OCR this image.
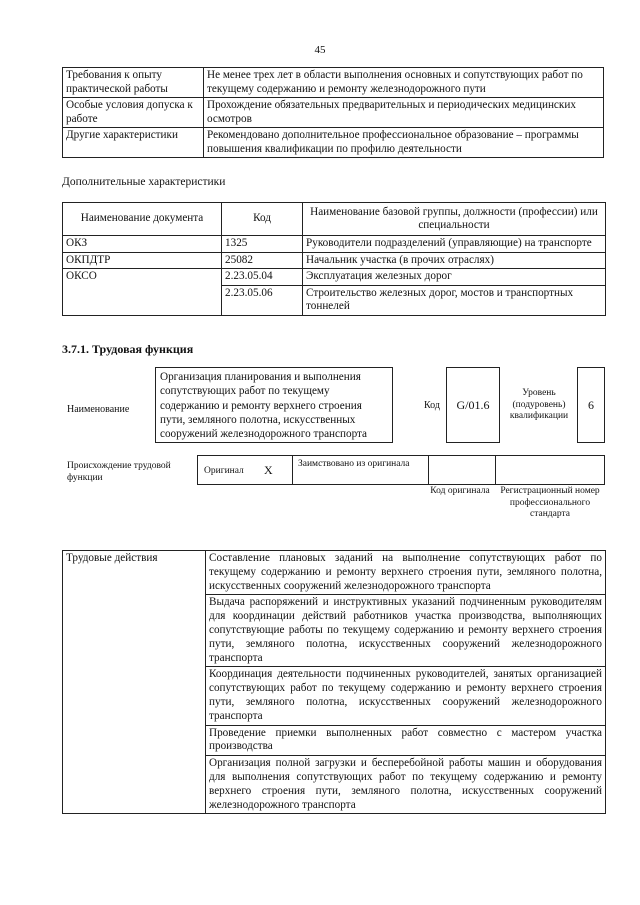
45
Требования к опыту практической работы	Не менее трех лет в области выполнения основных и сопутствующих работ по текущему содержанию и ремонту железнодорожного пути
Особые условия допуска к работе	Прохождение обязательных предварительных и периодических медицинских осмотров
Другие характеристики	Рекомендовано дополнительное профессиональное образование – программы повышения квалификации по профилю деятельности
Дополнительные характеристики
Наименование документа	Код	Наименование базовой группы, должности (профессии) или специальности
ОКЗ	1325	Руководители подразделений (управляющие) на транспорте
ОКПДТР	25082	Начальник участка (в прочих отраслях)
ОКСО	2.23.05.04	Эксплуатация железных дорог
	2.23.05.06	Строительство железных дорог, мостов и транспортных тоннелей
3.7.1. Трудовая функция
Наименование
Организация планирования и выполнения сопутствующих работ по текущему содержанию и ремонту верхнего строения пути, земляного полотна, искусственных сооружений железнодорожного транспорта
Код	G/01.6
Уровень (подуровень) квалификации
6
Происхождение трудовой функции
Оригинал X	Заимствовано из оригинала
Код оригинала Регистрационный номер профессионального стандарта
Трудовые действия	Составление плановых заданий на выполнение сопутствующих работ по текущему содержанию и ремонту верхнего строения пути, земляного полотна, искусственных сооружений железнодорожного транспорта
Выдача распоряжений и инструктивных указаний подчиненным руководителям для координации действий работников участка производства, выполняющих сопутствующие работы по текущему содержанию и ремонту верхнего строения пути, земляного полотна, искусственных сооружений железнодорожного транспорта
Координация деятельности подчиненных руководителей, занятых организацией сопутствующих работ по текущему содержанию и ремонту верхнего строения пути, земляного полотна, искусственных сооружений железнодорожного транспорта
Проведение приемки выполненных работ совместно с мастером участка производства
Организация полной загрузки и бесперебойной работы машин и оборудования для выполнения сопутствующих работ по текущему содержанию и ремонту верхнего строения пути, земляного полотна, искусственных сооружений железнодорожного транспорта
